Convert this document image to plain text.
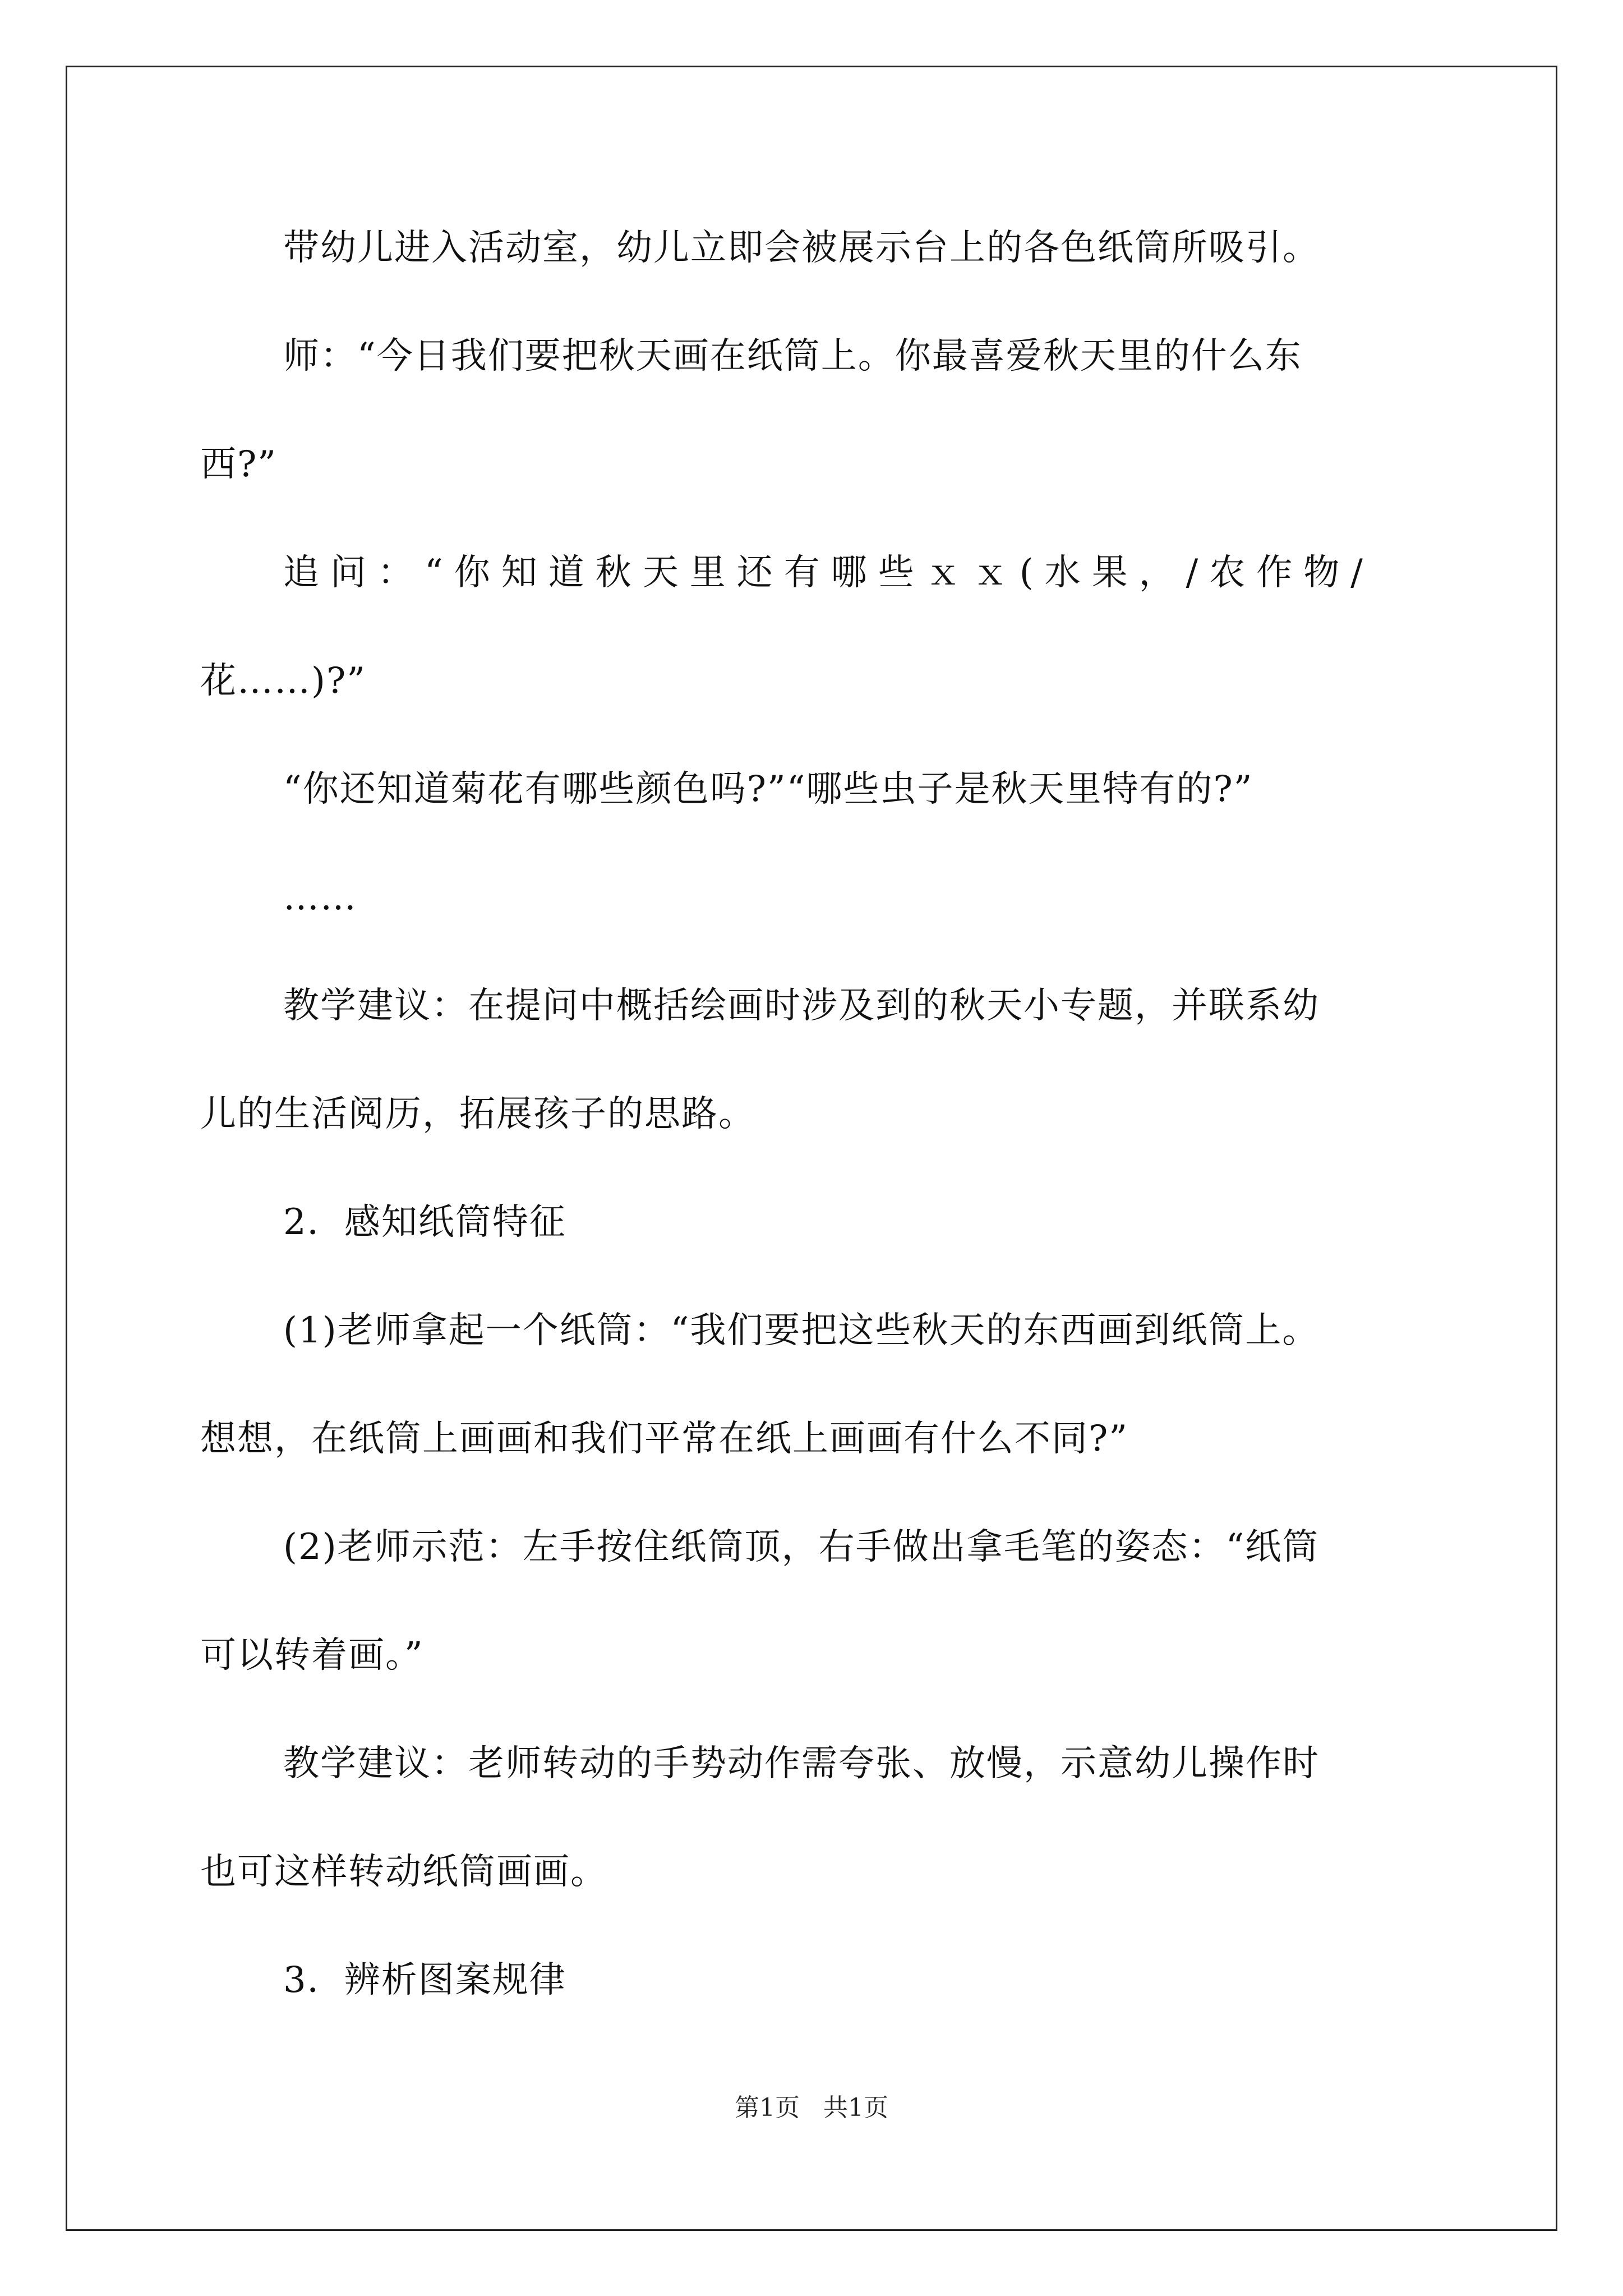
带幼儿进入活动室，幼儿立即会被展示台上的各色纸筒所吸引。
师：“今日我们要把秋天画在纸筒上。你最喜爱秋天里的什么东
西?”
追问：“你知道秋天里还有哪些ｘｘ(水果，/农作物/
花……)?”
“你还知道菊花有哪些颜色吗?”“哪些虫子是秋天里特有的?”
……
教学建议：在提问中概括绘画时涉及到的秋天小专题，并联系幼
儿的生活阅历，拓展孩子的思路。
2．感知纸筒特征
(1)老师拿起一个纸筒：“我们要把这些秋天的东西画到纸筒上。
想想，在纸筒上画画和我们平常在纸上画画有什么不同?”
(2)老师示范：左手按住纸筒顶，右手做出拿毛笔的姿态：“纸筒
可以转着画。”
教学建议：老师转动的手势动作需夸张、放慢，示意幼儿操作时
也可这样转动纸筒画画。
3．辨析图案规律
第1页 共1页
